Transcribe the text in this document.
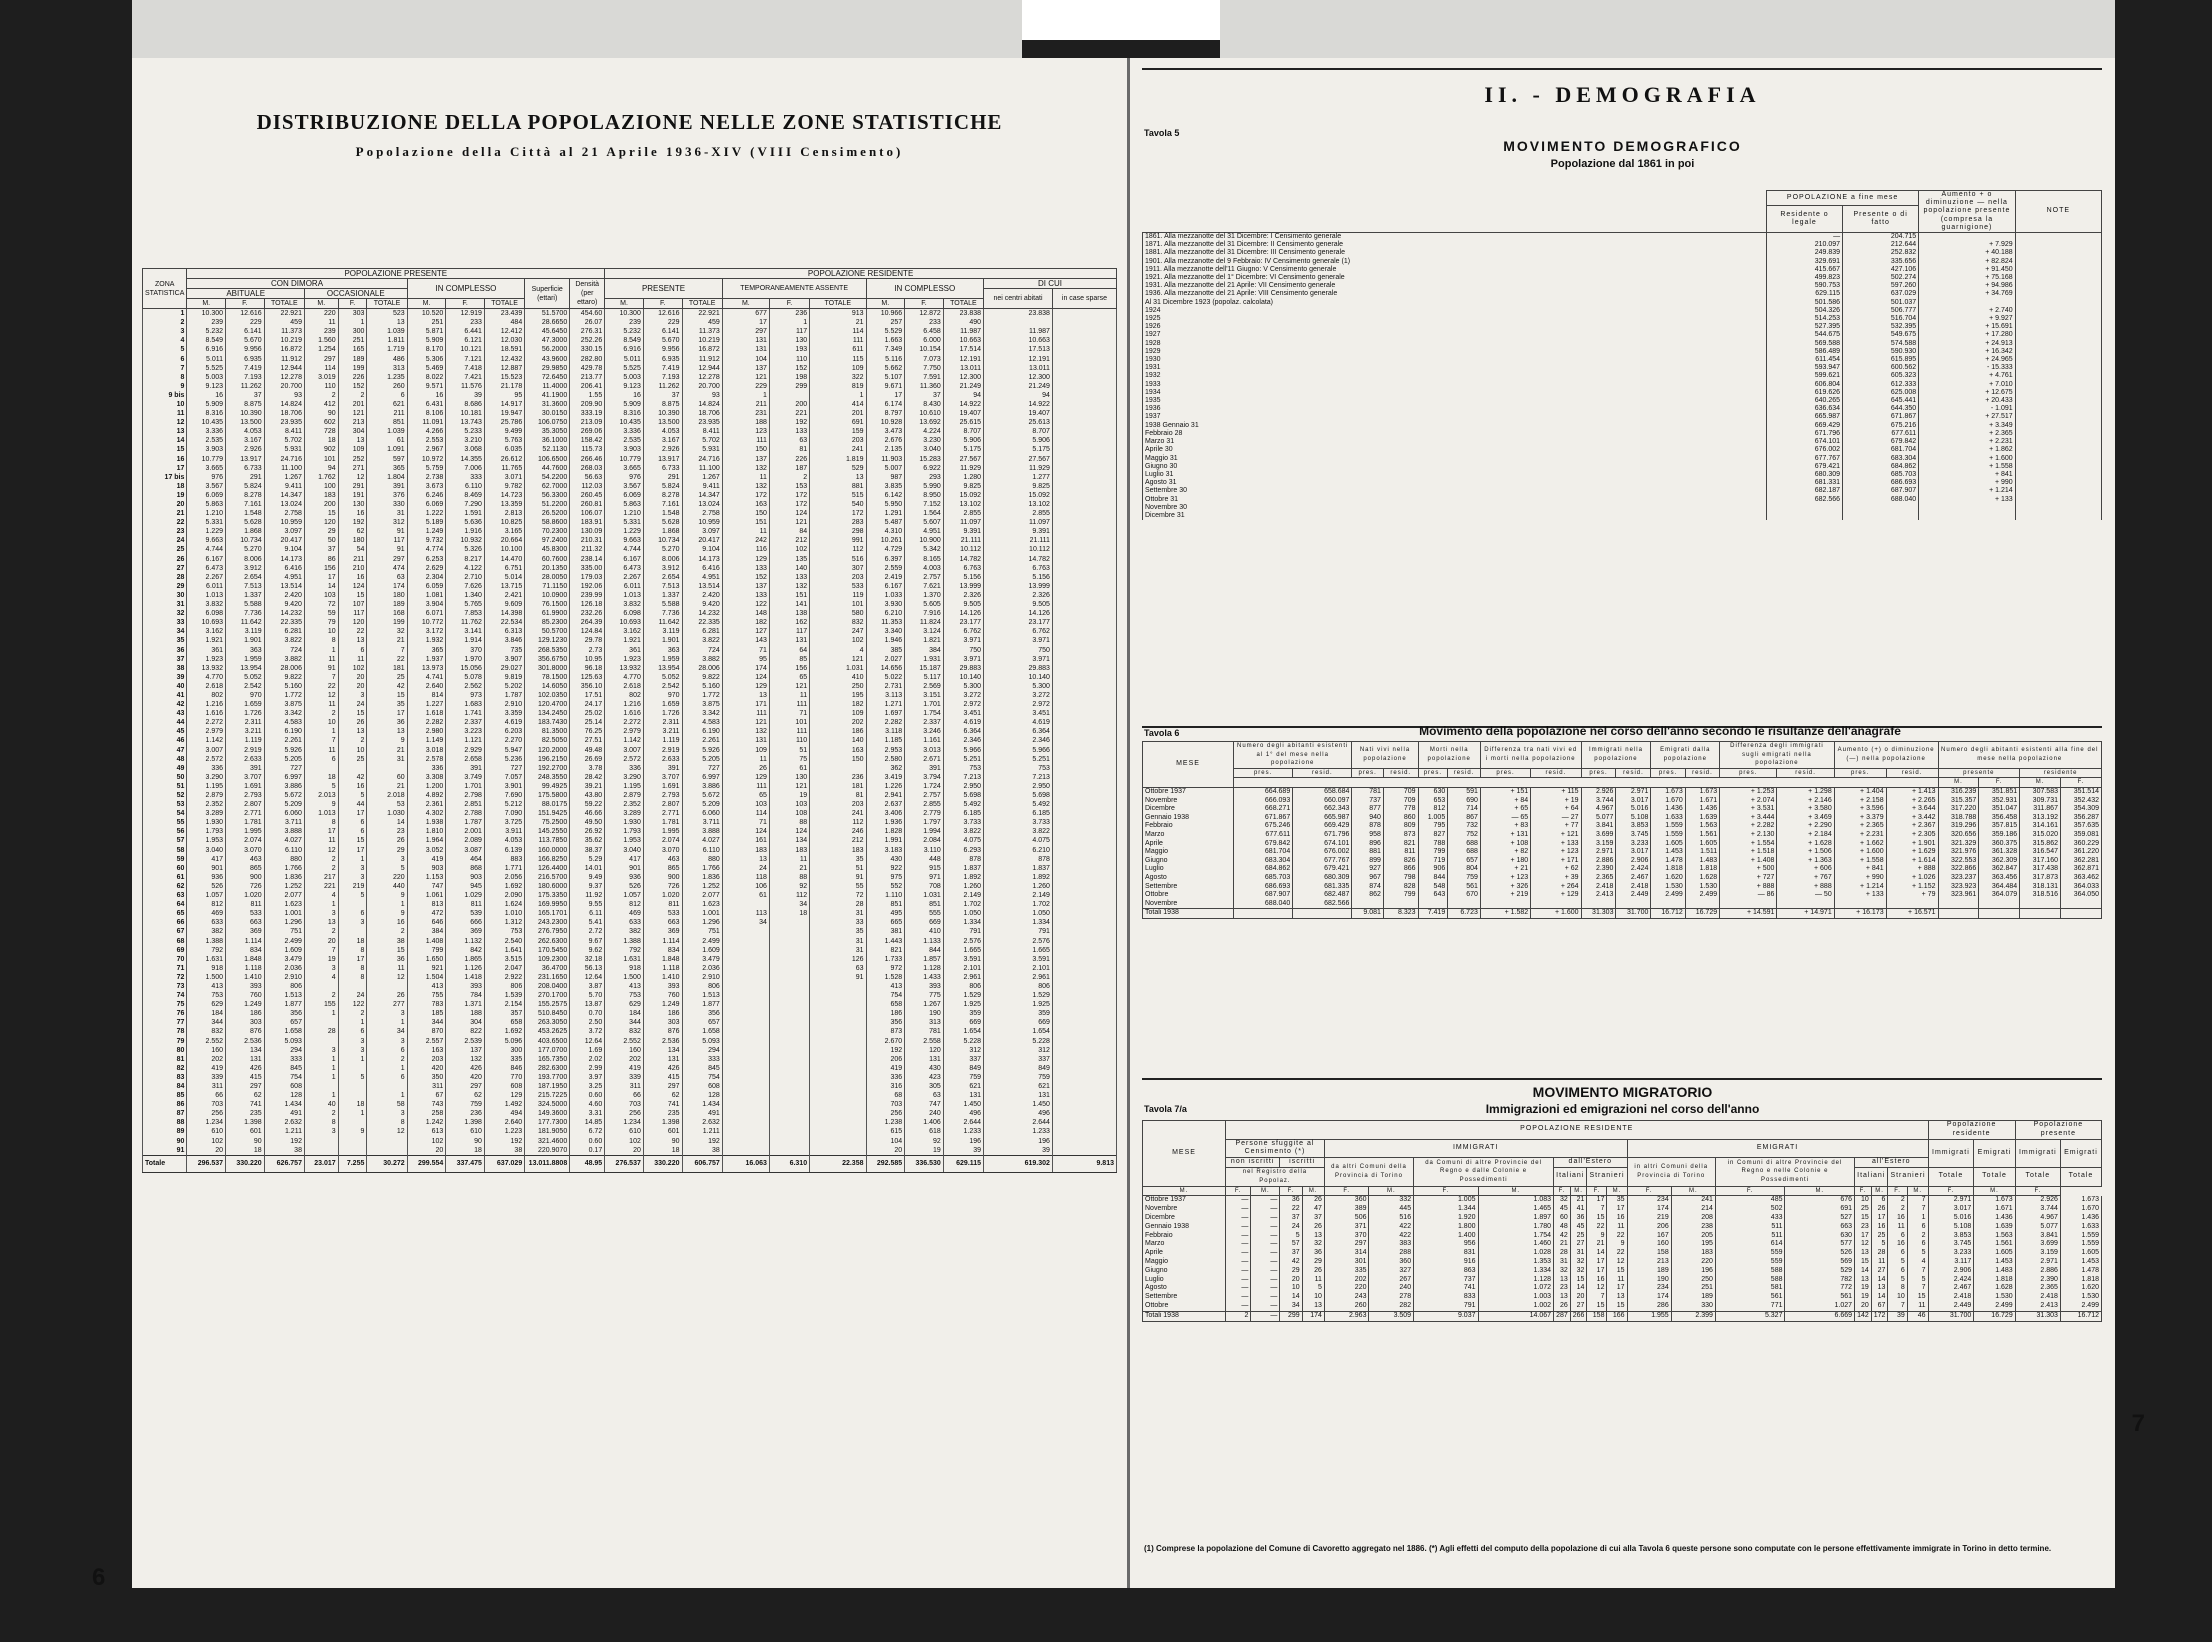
DISTRIBUZIONE DELLA POPOLAZIONE NELLE ZONE STATISTICHE
Popolazione della Città al 21 Aprile 1936-XIV (VIII Censimento)
ZONA STATISTICA	POPOLAZIONE PRESENTE											POPOLAZIONE RESIDENTE										
	CON DIMORA						IN COMPLESSO			Superficie (ettari)	Densità (per ettaro)	PRESENTE			TEMPORANEAMENTE ASSENTE			IN COMPLESSO			DI CUI	
	ABITUALE			OCCASIONALE																	nei centri abitati	in case sparse
	M.	F.	TOTALE	M.	F.	TOTALE	M.	F.	TOTALE			M.	F.	TOTALE	M.	F.	TOTALE	M.	F.	TOTALE		
1	10.300	12.616	22.921	220	303	523	10.520	12.919	23.439	51.5700	454.60	10.300	12.616	22.921	677	236	913	10.966	12.872	23.838	23.838	
2	239	229	459	11	1	13	251	233	484	28.6650	26.07	239	229	459	17	1	21	257	233	490		
3	5.232	6.141	11.373	239	300	1.039	5.871	6.441	12.412	45.6450	276.31	5.232	6.141	11.373	297	117	114	5.529	6.458	11.987	11.987	
4	8.549	5.670	10.219	1.560	251	1.811	5.909	6.121	12.030	47.3000	252.26	8.549	5.670	10.219	131	130	111	1.663	6.000	10.663	10.663	
5	6.916	9.956	16.872	1.254	165	1.719	8.170	10.121	18.591	56.2000	330.15	6.916	9.956	16.872	131	193	611	7.349	10.154	17.514	17.513	
6	5.011	6.935	11.912	297	189	486	5.306	7.121	12.432	43.9600	282.80	5.011	6.935	11.912	104	110	115	5.116	7.073	12.191	12.191	
7	5.525	7.419	12.944	114	199	313	5.469	7.418	12.887	29.9850	429.78	5.525	7.419	12.944	137	152	109	5.662	7.750	13.011	13.011	
8	5.003	7.193	12.278	3.019	226	1.235	8.022	7.421	15.523	72.6450	213.77	5.003	7.193	12.278	121	198	322	5.107	7.591	12.300	12.300	
9	9.123	11.262	20.700	110	152	260	9.571	11.576	21.178	11.4000	206.41	9.123	11.262	20.700	229	299	819	9.671	11.360	21.249	21.249	
9 bis	16	37	93	2	2	6	16	39	95	41.1900	1.55	16	37	93	1		1	17	37	94	94	
10	5.909	8.875	14.824	412	201	621	6.431	8.686	14.917	31.3600	209.90	5.909	8.875	14.824	211	200	414	6.174	8.430	14.922	14.922	
11	8.316	10.390	18.706	90	121	211	8.106	10.181	19.947	30.0150	333.19	8.316	10.390	18.706	231	221	201	8.797	10.610	19.407	19.407	
12	10.435	13.500	23.935	602	213	851	11.091	13.743	25.786	106.0750	213.09	10.435	13.500	23.935	188	192	691	10.928	13.692	25.615	25.613	
13	3.336	4.053	8.411	728	304	1.039	4.266	5.233	9.499	35.3050	269.06	3.336	4.053	8.411	123	133	159	3.473	4.224	8.707	8.707	
14	2.535	3.167	5.702	18	13	61	2.553	3.210	5.763	36.1000	158.42	2.535	3.167	5.702	111	63	203	2.676	3.230	5.906	5.906	
15	3.903	2.926	5.931	902	109	1.091	2.967	3.068	6.035	52.1130	115.73	3.903	2.926	5.931	150	81	241	2.135	3.040	5.175	5.175	
16	10.779	13.917	24.716	101	252	597	10.972	14.355	26.612	106.6500	266.46	10.779	13.917	24.716	137	226	1.819	11.903	15.283	27.567	27.567	
17	3.665	6.733	11.100	94	271	365	5.759	7.006	11.765	44.7600	268.03	3.665	6.733	11.100	132	187	529	5.007	6.922	11.929	11.929	
17 bis	976	291	1.267	1.762	12	1.804	2.738	333	3.071	54.2200	56.63	976	291	1.267	11	2	13	987	293	1.280	1.277	
18	3.567	5.824	9.411	100	291	391	3.673	6.110	9.782	62.7000	112.03	3.567	5.824	9.411	132	153	881	3.835	5.990	9.825	9.825	
19	6.069	8.278	14.347	183	191	376	6.246	8.469	14.723	56.3300	260.45	6.069	8.278	14.347	172	172	515	6.142	8.950	15.092	15.092	
20	5.863	7.161	13.024	200	130	330	6.069	7.290	13.359	51.2200	260.81	5.863	7.161	13.024	163	172	540	5.950	7.152	13.102	13.102	
21	1.210	1.548	2.758	15	16	31	1.222	1.591	2.813	26.5200	106.07	1.210	1.548	2.758	150	124	172	1.291	1.564	2.855	2.855	
22	5.331	5.628	10.959	120	192	312	5.189	5.636	10.825	58.8600	183.91	5.331	5.628	10.959	151	121	283	5.487	5.607	11.097	11.097	
23	1.229	1.868	3.097	29	62	91	1.249	1.916	3.165	70.2300	130.09	1.229	1.868	3.097	11	84	298	4.310	4.951	9.391	9.391	
24	9.663	10.734	20.417	50	180	117	9.732	10.932	20.664	97.2400	210.31	9.663	10.734	20.417	242	212	991	10.261	10.900	21.111	21.111	
25	4.744	5.270	9.104	37	54	91	4.774	5.326	10.100	45.8300	211.32	4.744	5.270	9.104	116	102	112	4.729	5.342	10.112	10.112	
26	6.167	8.006	14.173	86	211	297	6.253	8.217	14.470	60.7600	238.14	6.167	8.006	14.173	129	135	516	6.397	8.165	14.782	14.782	
27	6.473	3.912	6.416	156	210	474	2.629	4.122	6.751	20.1350	335.00	6.473	3.912	6.416	133	140	307	2.559	4.003	6.763	6.763	
28	2.267	2.654	4.951	17	16	63	2.304	2.710	5.014	28.0050	179.03	2.267	2.654	4.951	152	133	203	2.419	2.757	5.156	5.156	
29	6.011	7.513	13.514	14	124	174	6.059	7.626	13.715	71.1150	192.06	6.011	7.513	13.514	137	132	533	6.167	7.621	13.999	13.999	
30	1.013	1.337	2.420	103	15	180	1.081	1.340	2.421	10.0900	239.99	1.013	1.337	2.420	133	151	119	1.033	1.370	2.326	2.326	
31	3.832	5.588	9.420	72	107	189	3.904	5.765	9.609	76.1500	126.18	3.832	5.588	9.420	122	141	101	3.930	5.605	9.505	9.505	
32	6.098	7.736	14.232	59	117	168	6.071	7.853	14.398	61.9900	232.26	6.098	7.736	14.232	148	138	580	6.210	7.916	14.126	14.126	
33	10.693	11.642	22.335	79	120	199	10.772	11.762	22.534	85.2300	264.39	10.693	11.642	22.335	182	162	832	11.353	11.824	23.177	23.177	
34	3.162	3.119	6.281	10	22	32	3.172	3.141	6.313	50.5700	124.84	3.162	3.119	6.281	127	117	247	3.340	3.124	6.762	6.762	
35	1.921	1.901	3.822	8	13	21	1.932	1.914	3.846	129.1230	29.78	1.921	1.901	3.822	143	131	102	1.946	1.821	3.971	3.971	
36	361	363	724	1	6	7	365	370	735	268.5350	2.73	361	363	724	71	64	4	385	384	750	750	
37	1.923	1.959	3.882	11	11	22	1.937	1.970	3.907	356.6750	10.95	1.923	1.959	3.882	95	85	121	2.027	1.931	3.971	3.971	
38	13.932	13.954	28.006	91	102	181	13.973	15.056	29.027	301.8000	96.18	13.932	13.954	28.006	174	156	1.031	14.656	15.187	29.883	29.883	
39	4.770	5.052	9.822	7	20	25	4.741	5.078	9.819	78.1500	125.63	4.770	5.052	9.822	124	65	410	5.022	5.117	10.140	10.140	
40	2.618	2.542	5.160	22	20	42	2.640	2.562	5.202	14.6050	356.10	2.618	2.542	5.160	129	121	250	2.731	2.569	5.300	5.300	
41	802	970	1.772	12	3	15	814	973	1.787	102.0350	17.51	802	970	1.772	13	11	195	3.113	3.151	3.272	3.272	
42	1.216	1.659	3.875	11	24	35	1.227	1.683	2.910	120.4700	24.17	1.216	1.659	3.875	171	111	182	1.271	1.701	2.972	2.972	
43	1.616	1.726	3.342	2	15	17	1.618	1.741	3.359	134.2450	25.02	1.616	1.726	3.342	111	71	109	1.697	1.754	3.451	3.451	
44	2.272	2.311	4.583	10	26	36	2.282	2.337	4.619	183.7430	25.14	2.272	2.311	4.583	121	101	202	2.282	2.337	4.619	4.619	
45	2.979	3.211	6.190	1	13	13	2.980	3.223	6.203	81.3500	76.25	2.979	3.211	6.190	132	111	186	3.118	3.246	6.364	6.364	
46	1.142	1.119	2.261	7	2	9	1.149	1.121	2.270	82.5050	27.51	1.142	1.119	2.261	131	110	140	1.185	1.161	2.346	2.346	
47	3.007	2.919	5.926	11	10	21	3.018	2.929	5.947	120.2000	49.48	3.007	2.919	5.926	109	51	163	2.953	3.013	5.966	5.966	
48	2.572	2.633	5.205	6	25	31	2.578	2.658	5.236	196.2150	26.69	2.572	2.633	5.205	11	75	150	2.580	2.671	5.251	5.251	
49	336	391	727				336	391	727	192.2700	3.78	336	391	727	26	61		362	391	753	753	
50	3.290	3.707	6.997	18	42	60	3.308	3.749	7.057	248.3550	28.42	3.290	3.707	6.997	129	130	236	3.419	3.794	7.213	7.213	
51	1.195	1.691	3.886	5	16	21	1.200	1.701	3.901	99.4925	39.21	1.195	1.691	3.886	111	121	181	1.226	1.724	2.950	2.950	
52	2.879	2.793	5.672	2.013	5	2.018	4.892	2.798	7.690	175.5800	43.80	2.879	2.793	5.672	65	19	81	2.941	2.757	5.698	5.698	
53	2.352	2.807	5.209	9	44	53	2.361	2.851	5.212	88.0175	59.22	2.352	2.807	5.209	103	103	203	2.637	2.855	5.492	5.492	
54	3.289	2.771	6.060	1.013	17	1.030	4.302	2.788	7.090	151.9425	46.66	3.289	2.771	6.060	114	108	241	3.406	2.779	6.185	6.185	
55	1.930	1.781	3.711	8	6	14	1.938	1.787	3.725	75.2500	49.50	1.930	1.781	3.711	71	88	112	1.936	1.797	3.733	3.733	
56	1.793	1.995	3.888	17	6	23	1.810	2.001	3.911	145.2550	26.92	1.793	1.995	3.888	124	124	246	1.828	1.994	3.822	3.822	
57	1.953	2.074	4.027	11	15	26	1.964	2.089	4.053	113.7850	35.62	1.953	2.074	4.027	161	134	212	1.991	2.084	4.075	4.075	
58	3.040	3.070	6.110	12	17	29	3.052	3.087	6.139	160.0000	38.37	3.040	3.070	6.110	183	183	183	3.183	3.110	6.293	6.210	
59	417	463	880	2	1	3	419	464	883	166.8250	5.29	417	463	880	13	11	35	430	448	878	878	
60	901	865	1.766	2	3	5	903	868	1.771	126.4400	14.01	901	865	1.766	24	21	51	922	915	1.837	1.837	
61	936	900	1.836	217	3	220	1.153	903	2.056	216.5700	9.49	936	900	1.836	118	88	91	975	971	1.892	1.892	
62	526	726	1.252	221	219	440	747	945	1.692	180.6000	9.37	526	726	1.252	106	92	55	552	708	1.260	1.260	
63	1.057	1.020	2.077	4	5	9	1.061	1.029	2.090	175.3350	11.92	1.057	1.020	2.077	61	112	72	1.110	1.031	2.149	2.149	
64	812	811	1.623	1		1	813	811	1.624	169.9950	9.55	812	811	1.623		34	28	851	851	1.702	1.702	
65	469	533	1.001	3	6	9	472	539	1.010	165.1701	6.11	469	533	1.001	113	18	31	495	555	1.050	1.050	
66	633	663	1.296	13	3	16	646	666	1.312	243.2300	5.41	633	663	1.296	34		33	665	669	1.334	1.334	
67	382	369	751	2		2	384	369	753	276.7950	2.72	382	369	751			35	381	410	791	791	
68	1.388	1.114	2.499	20	18	38	1.408	1.132	2.540	262.6300	9.67	1.388	1.114	2.499			31	1.443	1.133	2.576	2.576	
69	792	834	1.609	7	8	15	799	842	1.641	170.5450	9.62	792	834	1.609			31	821	844	1.665	1.665	
70	1.631	1.848	3.479	19	17	36	1.650	1.865	3.515	109.2300	32.18	1.631	1.848	3.479			126	1.733	1.857	3.591	3.591	
71	918	1.118	2.036	3	8	11	921	1.126	2.047	36.4700	56.13	918	1.118	2.036			63	972	1.128	2.101	2.101	
72	1.500	1.410	2.910	4	8	12	1.504	1.418	2.922	231.1650	12.64	1.500	1.410	2.910			91	1.528	1.433	2.961	2.961	
73	413	393	806				413	393	806	208.0400	3.87	413	393	806				413	393	806	806	
74	753	760	1.513	2	24	26	755	784	1.539	270.1700	5.70	753	760	1.513				754	775	1.529	1.529	
75	629	1.249	1.877	155	122	277	783	1.371	2.154	155.2575	13.87	629	1.249	1.877				658	1.267	1.925	1.925	
76	184	186	356	1	2	3	185	188	357	510.8450	0.70	184	186	356				186	190	359	359	
77	344	303	657		1	1	344	304	658	263.3050	2.50	344	303	657				356	313	669	669	
78	832	876	1.658	28	6	34	870	822	1.692	453.2625	3.72	832	876	1.658				873	781	1.654	1.654	
79	2.552	2.536	5.093		3	3	2.557	2.539	5.096	403.6500	12.64	2.552	2.536	5.093				2.670	2.558	5.228	5.228	
80	160	134	294	3	3	6	163	137	300	177.0700	1.69	160	134	294				192	120	312	312	
81	202	131	333	1	1	2	203	132	335	165.7350	2.02	202	131	333				206	131	337	337	
82	419	426	845	1		1	420	426	846	282.6300	2.99	419	426	845				419	430	849	849	
83	339	415	754	1	5	6	350	420	770	193.7700	3.97	339	415	754				336	423	759	759	
84	311	297	608				311	297	608	187.1950	3.25	311	297	608				316	305	621	621	
85	66	62	128	1		1	67	62	129	215.7225	0.60	66	62	128				68	63	131	131	
86	703	741	1.434	40	18	58	743	759	1.492	324.5000	4.60	703	741	1.434				703	747	1.450	1.450	
87	256	235	491	2	1	3	258	236	494	149.3600	3.31	256	235	491				256	240	496	496	
88	1.234	1.398	2.632	8		8	1.242	1.398	2.640	177.7300	14.85	1.234	1.398	2.632				1.238	1.406	2.644	2.644	
89	610	601	1.211	3	9	12	613	610	1.223	181.9050	6.72	610	601	1.211				615	618	1.233	1.233	
90	102	90	192				102	90	192	321.4600	0.60	102	90	192				104	92	196	196	
91	20	18	38				20	18	38	220.9070	0.17	20	18	38				20	19	39	39	
Totale	296.537	330.220	626.757	23.017	7.255	30.272	299.554	337.475	637.029	13.011.8808	48.95	276.537	330.220	606.757	16.063	6.310	22.358	292.585	336.530	629.115	619.302	9.813
6
II. - DEMOGRAFIA
Tavola 5
MOVIMENTO DEMOGRAFICO
Popolazione dal 1861 in poi
	POPOLAZIONE a fine mese		Aumento + o diminuzione — nella popolazione presente (compresa la guarnigione)	NOTE
	Residente o legale	Presente o di fatto		
1861. Alla mezzanotte del 31 Dicembre: I Censimento generale	—	204.715		
1871. Alla mezzanotte del 31 Dicembre: II Censimento generale	210.097	212.644	+ 7.929	
1881. Alla mezzanotte del 31 Dicembre: III Censimento generale	249.839	252.832	+ 40.188	
1901. Alla mezzanotte del 9 Febbraio: IV Censimento generale (1)	329.691	335.656	+ 82.824	
1911. Alla mezzanotte dell'11 Giugno: V Censimento generale	415.667	427.106	+ 91.450	
1921. Alla mezzanotte del 1° Dicembre: VI Censimento generale	499.823	502.274	+ 75.168	
1931. Alla mezzanotte del 21 Aprile: VII Censimento generale	590.753	597.260	+ 94.986	
1936. Alla mezzanotte del 21 Aprile: VIII Censimento generale	629.115	637.029	+ 34.769	

Al 31 Dicembre 1923 (popolaz. calcolata)	501.586	501.037		
1924	504.326	506.777	+ 2.740	
1925	514.253	516.704	+ 9.927	
1926	527.395	532.395	+ 15.691	
1927	544.675	549.675	+ 17.280	
1928	569.588	574.588	+ 24.913	
1929	586.489	590.930	+ 16.342	
1930	611.454	615.895	+ 24.965	
1931	593.947	600.562	- 15.333	
1932	599.621	605.323	+ 4.761	
1933	606.804	612.333	+ 7.010	
1934	619.626	625.008	+ 12.675	
1935	640.265	645.441	+ 20.433	
1936	636.634	644.350	- 1.091	
1937	665.987	671.867	+ 27.517	
1938 Gennaio 31	669.429	675.216	+ 3.349	
Febbraio 28	671.796	677.611	+ 2.365	
Marzo 31	674.101	679.842	+ 2.231	
Aprile 30	676.002	681.704	+ 1.862	
Maggio 31	677.767	683.304	+ 1.600	
Giugno 30	679.421	684.862	+ 1.558	
Luglio 31	680.309	685.703	+ 841	
Agosto 31	681.331	686.693	+ 990	
Settembre 30	682.187	687.907	+ 1.214	
Ottobre 31	682.566	688.040	+ 133	
Novembre 30				
Dicembre 31				
Tavola 6	Movimento della popolazione nel corso dell'anno secondo le risultanze dell'anagrafe
MESE	Numero degli abitanti esistenti al 1° del mese nella popolazione		Nati vivi nella popolazione		Morti nella popolazione		Differenza tra nati vivi ed i morti nella popolazione		Immigrati nella popolazione		Emigrati dalla popolazione		Differenza degli immigrati sugli emigrati nella popolazione		Aumento (+) o diminuzione (—) nella popolazione		Numero degli abitanti esistenti alla fine del mese nella popolazione			
	pres.	resid.	pres.	resid.	pres.	resid.	pres.	resid.	pres.	resid.	pres.	resid.	pres.	resid.	pres.	resid.	presente		residente	
																	M.	F.	M.	F.
Ottobre 1937	664.689	658.684	781	709	630	591	+ 151	+ 115	2.926	2.971	1.673	1.673	+ 1.253	+ 1.298	+ 1.404	+ 1.413	316.239	351.851	307.583	351.514
Novembre	666.093	660.097	737	709	653	690	+ 84	+ 19	3.744	3.017	1.670	1.671	+ 2.074	+ 2.146	+ 2.158	+ 2.265	315.357	352.931	309.731	352.432
Dicembre	668.271	662.343	877	778	812	714	+ 65	+ 64	4.967	5.016	1.436	1.436	+ 3.531	+ 3.580	+ 3.596	+ 3.644	317.220	351.047	311.867	354.309
Gennaio 1938	671.867	665.987	940	860	1.005	867	— 65	— 27	5.077	5.108	1.633	1.639	+ 3.444	+ 3.469	+ 3.379	+ 3.442	318.788	356.458	313.192	356.287
Febbraio	675.246	669.429	878	809	795	732	+ 83	+ 77	3.841	3.853	1.559	1.563	+ 2.282	+ 2.290	+ 2.365	+ 2.367	319.296	357.815	314.161	357.635
Marzo	677.611	671.796	958	873	827	752	+ 131	+ 121	3.699	3.745	1.559	1.561	+ 2.130	+ 2.184	+ 2.231	+ 2.305	320.656	359.186	315.020	359.081
Aprile	679.842	674.101	896	821	788	688	+ 108	+ 133	3.159	3.233	1.605	1.605	+ 1.554	+ 1.628	+ 1.662	+ 1.901	321.329	360.375	315.862	360.229
Maggio	681.704	676.002	881	811	799	688	+ 82	+ 123	2.971	3.017	1.453	1.511	+ 1.518	+ 1.506	+ 1.600	+ 1.629	321.976	361.328	316.547	361.220
Giugno	683.304	677.767	899	826	719	657	+ 180	+ 171	2.886	2.906	1.478	1.483	+ 1.408	+ 1.363	+ 1.558	+ 1.614	322.553	362.309	317.160	362.281
Luglio	684.862	679.421	927	866	906	804	+ 21	+ 62	2.390	2.424	1.818	1.818	+ 500	+ 606	+ 841	+ 888	322.866	362.847	317.438	362.871
Agosto	685.703	680.309	967	798	844	759	+ 123	+ 39	2.365	2.467	1.620	1.628	+ 727	+ 767	+ 990	+ 1.026	323.237	363.456	317.873	363.462
Settembre	686.693	681.335	874	828	548	561	+ 326	+ 264	2.418	2.418	1.530	1.530	+ 888	+ 888	+ 1.214	+ 1.152	323.923	364.484	318.131	364.033
Ottobre	687.907	682.487	862	799	643	670	+ 219	+ 129	2.413	2.449	2.499	2.499	— 86	— 50	+ 133	+ 79	323.961	364.079	318.516	364.050
Novembre	688.040	682.566																		
Totali 1938			9.081	8.323	7.419	6.723	+ 1.582	+ 1.600	31.303	31.700	16.712	16.729	+ 14.591	+ 14.971	+ 16.173	+ 16.571				
Tavola 7/a
MOVIMENTO MIGRATORIO
Immigrazioni ed emigrazioni nel corso dell'anno
MESE	POPOLAZIONE RESIDENTE																				Popolazione residente		Popolazione presente	
	Persone sfuggite al Censimento (*)				IMMIGRATI								EMIGRATI								Immigrati	Emigrati	Immigrati	Emigrati
	non iscritti		iscritti		da altri Comuni della Provincia di Torino		da Comuni di altre Provincie del Regno e dalle Colonie e Possedimenti		dall'Estero				in altri Comuni della Provincia di Torino		in Comuni di altre Provincie del Regno e nelle Colonie e Possedimenti		all'Estero							
	nel Registro della Popolaz.								Italiani		Stranieri						Italiani		Stranieri		Totale	Totale	Totale	Totale
M.	F.	M.	F.	M.	F.	M.	F.	M.	F.	M.	F.	M.	F.	M.	F.	M.	F.	M.	F.	M.	F.	M.	F.	
Ottobre 1937	—	—	36	26	360	332	1.005	1.083	32	21	17	35	234	241	485	676	10	6	2	7	2.971	1.673	2.926	1.673
Novembre	—	—	22	47	389	445	1.344	1.465	45	41	7	17	174	214	502	691	25	26	2	7	3.017	1.671	3.744	1.670
Dicembre	—	—	37	37	506	516	1.920	1.897	60	36	15	16	219	208	433	527	15	17	16	1	5.016	1.436	4.967	1.436
Gennaio 1938	—	—	24	26	371	422	1.800	1.780	48	45	22	11	206	238	511	663	23	16	11	6	5.108	1.639	5.077	1.633
Febbraio	—	—	5	13	370	422	1.400	1.754	42	25	9	22	167	205	511	630	17	25	6	2	3.853	1.563	3.841	1.559
Marzo	—	—	57	32	297	383	956	1.460	21	27	21	9	160	195	614	577	12	5	16	6	3.745	1.561	3.699	1.559
Aprile	—	—	37	36	314	288	831	1.028	28	31	14	22	158	183	559	526	13	28	6	5	3.233	1.605	3.159	1.605
Maggio	—	—	42	29	301	360	916	1.353	31	32	17	12	213	220	559	569	15	11	5	4	3.117	1.453	2.971	1.453
Giugno	—	—	29	26	335	327	863	1.334	32	32	17	15	189	196	588	529	14	27	6	7	2.906	1.483	2.886	1.478
Luglio	—	—	20	11	202	267	737	1.128	13	15	16	11	190	250	588	782	13	14	5	5	2.424	1.818	2.390	1.818
Agosto	—	—	10	5	220	240	741	1.072	23	14	12	17	234	251	581	772	19	13	8	7	2.467	1.628	2.365	1.620
Settembre	—	—	14	10	243	278	833	1.003	13	20	7	13	174	189	561	561	19	14	10	15	2.418	1.530	2.418	1.530
Ottobre	—	—	34	13	260	282	791	1.002	26	27	15	15	286	330	771	1.027	20	67	7	11	2.449	2.499	2.413	2.499
Totali 1938	2	—	299	174	2.963	3.509	9.037	14.067	287	266	158	166	1.955	2.399	5.327	6.669	142	172	39	46	31.700	16.729	31.303	16.712
(1) Comprese la popolazione del Comune di Cavoretto aggregato nel 1886. (*) Agli effetti del computo della popolazione di cui alla Tavola 6 queste persone sono computate con le persone effettivamente immigrate in Torino in detto termine.
7
